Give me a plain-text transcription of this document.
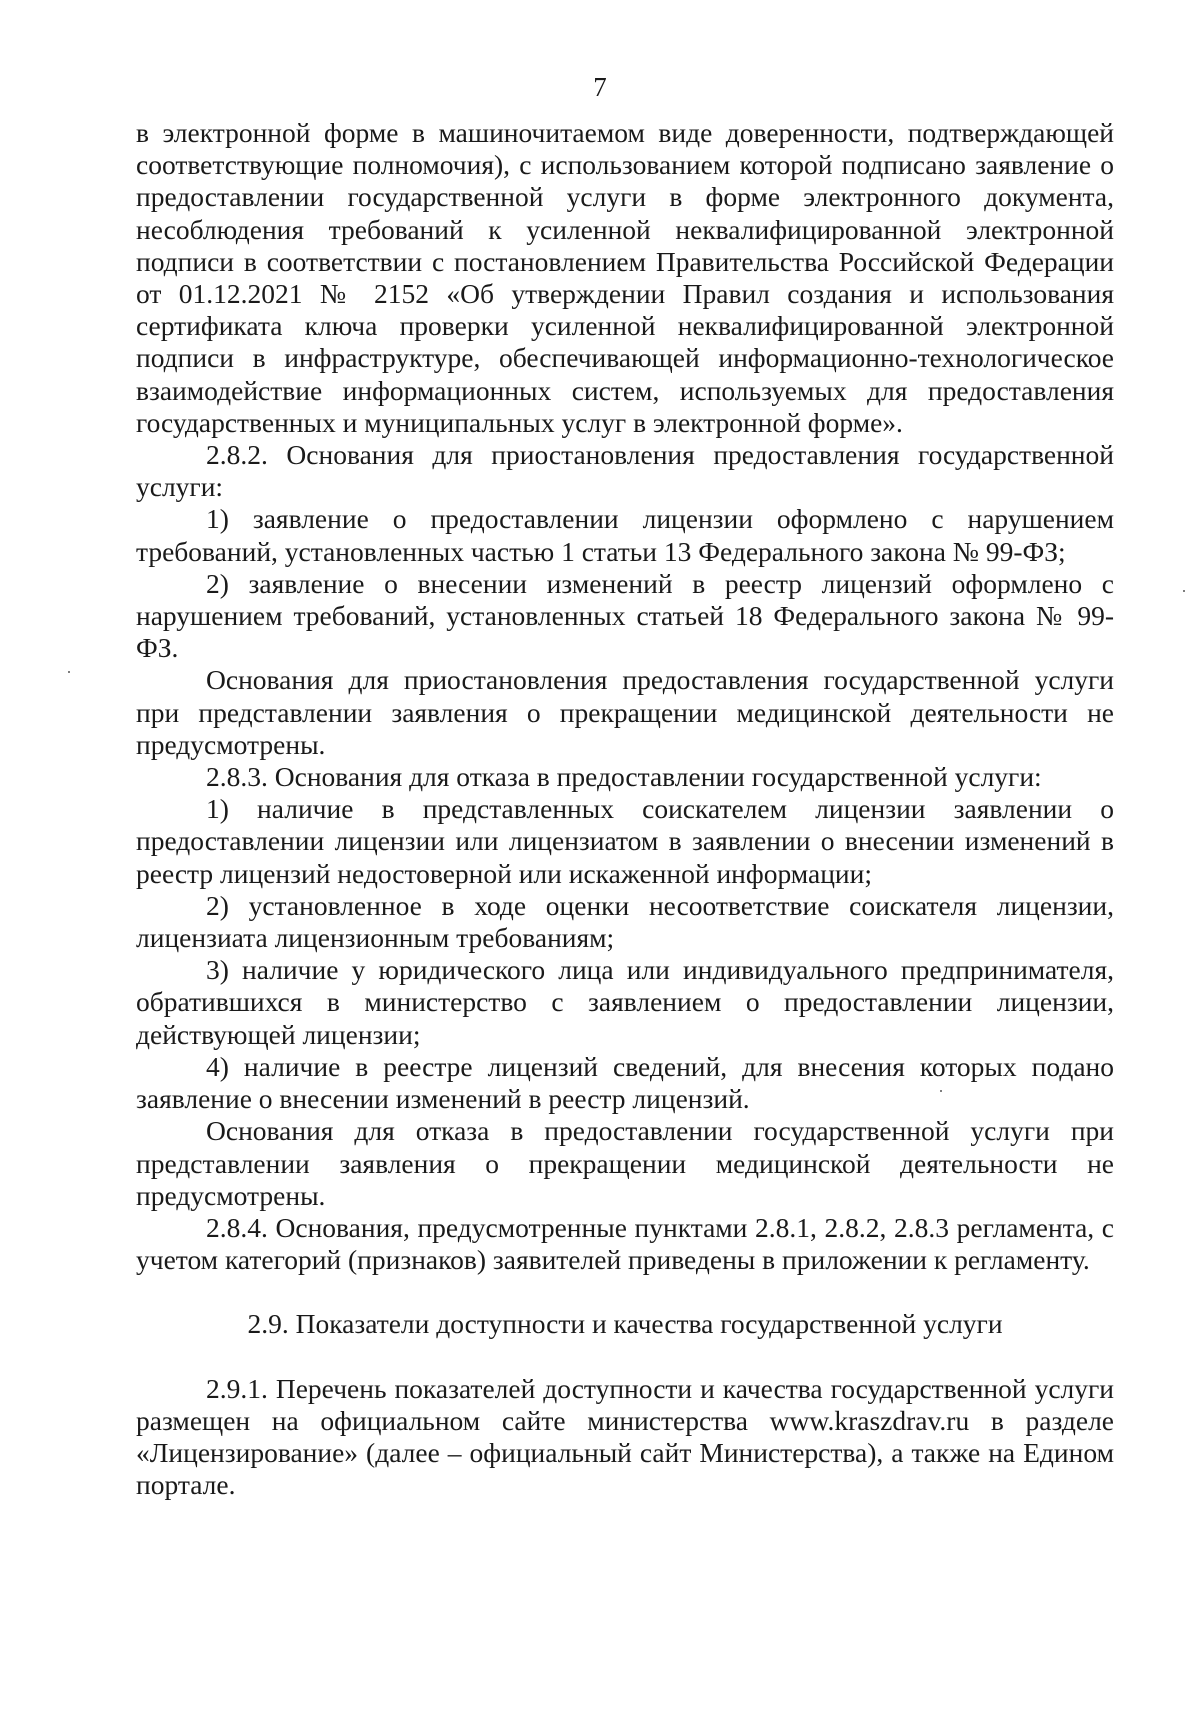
7

в электронной форме в машиночитаемом виде доверенности, подтверждающей соответствующие полномочия), с использованием которой подписано заявление о предоставлении государственной услуги в форме электронного документа, несоблюдения требований к усиленной неквалифицированной электронной подписи в соответствии с постановлением Правительства Российской Федерации от 01.12.2021 № 2152 «Об утверждении Правил создания и использования сертификата ключа проверки усиленной неквалифицированной электронной подписи в инфраструктуре, обеспечивающей информационно-технологическое взаимодействие информационных систем, используемых для предоставления государственных и муниципальных услуг в электронной форме».

2.8.2. Основания для приостановления предоставления государственной услуги:

1) заявление о предоставлении лицензии оформлено с нарушением требований, установленных частью 1 статьи 13 Федерального закона № 99-ФЗ;

2) заявление о внесении изменений в реестр лицензий оформлено с нарушением требований, установленных статьей 18 Федерального закона № 99-ФЗ.

Основания для приостановления предоставления государственной услуги при представлении заявления о прекращении медицинской деятельности не предусмотрены.

2.8.3. Основания для отказа в предоставлении государственной услуги:

1) наличие в представленных соискателем лицензии заявлении о предоставлении лицензии или лицензиатом в заявлении о внесении изменений в реестр лицензий недостоверной или искаженной информации;

2) установленное в ходе оценки несоответствие соискателя лицензии, лицензиата лицензионным требованиям;

3) наличие у юридического лица или индивидуального предпринимателя, обратившихся в министерство с заявлением о предоставлении лицензии, действующей лицензии;

4) наличие в реестре лицензий сведений, для внесения которых подано заявление о внесении изменений в реестр лицензий.

Основания для отказа в предоставлении государственной услуги при представлении заявления о прекращении медицинской деятельности не предусмотрены.

2.8.4. Основания, предусмотренные пунктами 2.8.1, 2.8.2, 2.8.3 регламента, с учетом категорий (признаков) заявителей приведены в приложении к регламенту.

2.9. Показатели доступности и качества государственной услуги

2.9.1. Перечень показателей доступности и качества государственной услуги размещен на официальном сайте министерства www.kraszdrav.ru в разделе «Лицензирование» (далее – официальный сайт Министерства), а также на Едином портале.
